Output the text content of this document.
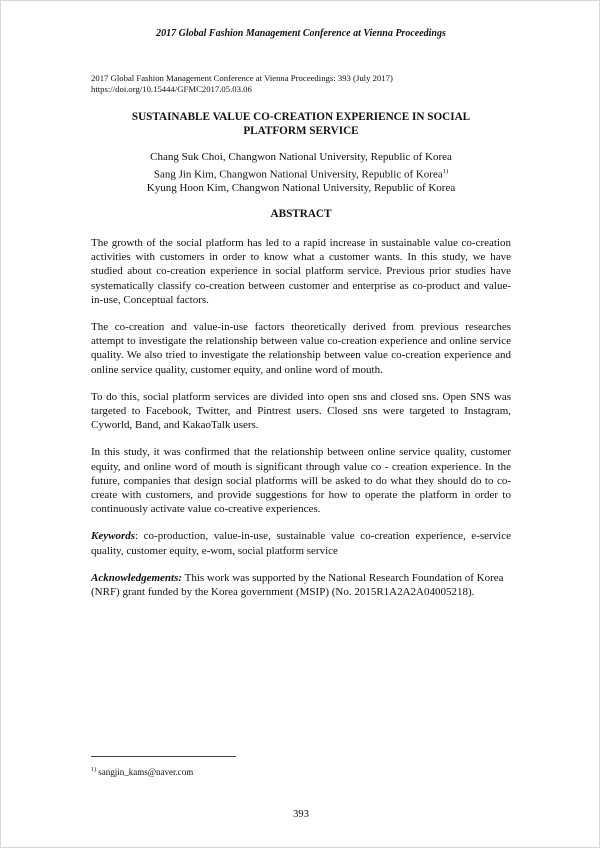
2017 Global Fashion Management Conference at Vienna Proceedings
2017 Global Fashion Management Conference at Vienna Proceedings: 393 (July 2017)
https://doi.org/10.15444/GFMC2017.05.03.06
SUSTAINABLE VALUE CO-CREATION EXPERIENCE IN SOCIAL
PLATFORM SERVICE
Chang Suk Choi, Changwon National University, Republic of Korea
Sang Jin Kim, Changwon National University, Republic of Korea$^{1)}$
Kyung Hoon Kim, Changwon National University, Republic of Korea
ABSTRACT

The growth of the social platform has led to a rapid increase in sustainable value co-creation activities with customers in order to know what a customer wants. In this study, we have studied about co-creation experience in social platform service. Previous prior studies have systematically classify co-creation between customer and enterprise as co-product and value-in-use, Conceptual factors.

The co-creation and value-in-use factors theoretically derived from previous researches attempt to investigate the relationship between value co-creation experience and online service quality. We also tried to investigate the relationship between value co-creation experience and online service quality, customer equity, and online word of mouth.

To do this, social platform services are divided into open sns and closed sns. Open SNS was targeted to Facebook, Twitter, and Pintrest users. Closed sns were targeted to Instagram, Cyworld, Band, and KakaoTalk users.

In this study, it was confirmed that the relationship between online service quality, customer equity, and online word of mouth is significant through value co - creation experience. In the future, companies that design social platforms will be asked to do what they should do to co-create with customers, and provide suggestions for how to operate the platform in order to continuously activate value co-creative experiences.

Keywords: co-production, value-in-use, sustainable value co-creation experience, e-service quality, customer equity, e-wom, social platform service

Acknowledgements: This work was supported by the National Research Foundation of Korea (NRF) grant funded by the Korea government (MSIP) (No. 2015R1A2A2A04005218).

$^{1)}$ sangjin_kams@naver.com
393
